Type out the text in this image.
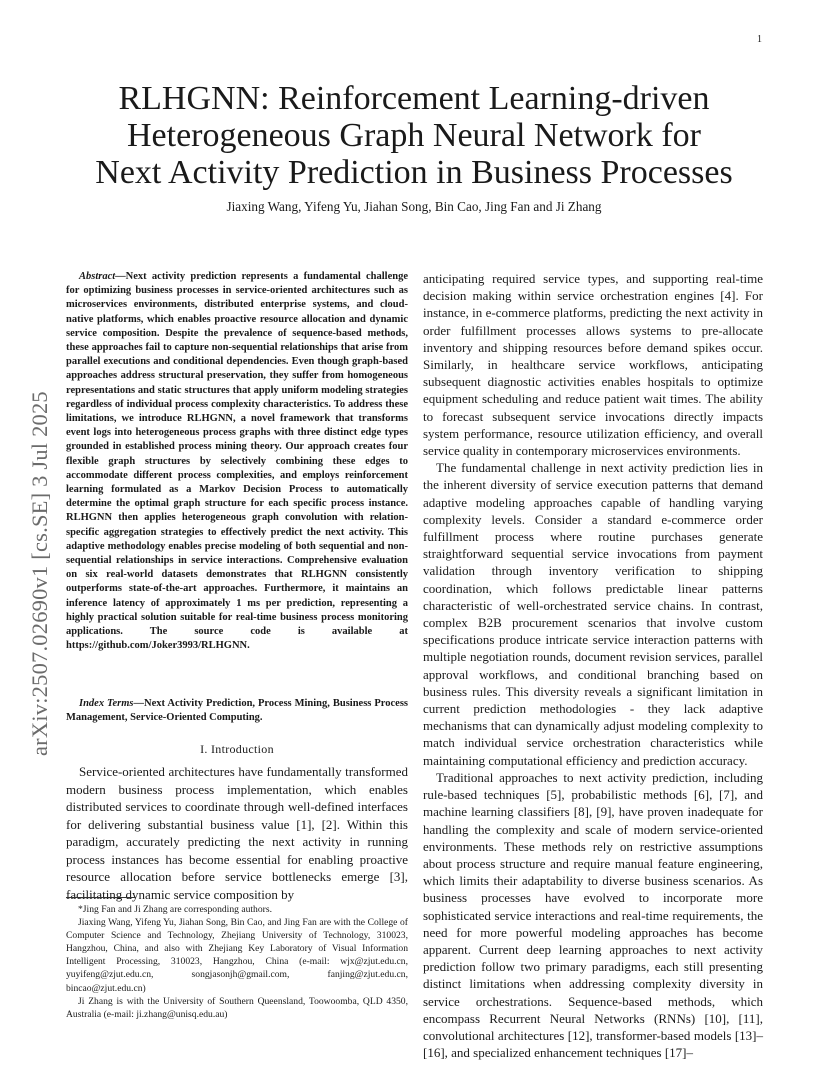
1
arXiv:2507.02690v1 [cs.SE] 3 Jul 2025
RLHGNN: Reinforcement Learning-driven Heterogeneous Graph Neural Network for Next Activity Prediction in Business Processes
Jiaxing Wang, Yifeng Yu, Jiahan Song, Bin Cao, Jing Fan and Ji Zhang
Abstract—Next activity prediction represents a fundamental challenge for optimizing business processes in service-oriented architectures such as microservices environments, distributed enterprise systems, and cloud-native platforms, which enables proactive resource allocation and dynamic service composition. Despite the prevalence of sequence-based methods, these approaches fail to capture non-sequential relationships that arise from parallel executions and conditional dependencies. Even though graph-based approaches address structural preservation, they suffer from homogeneous representations and static structures that apply uniform modeling strategies regardless of individual process complexity characteristics. To address these limitations, we introduce RLHGNN, a novel framework that transforms event logs into heterogeneous process graphs with three distinct edge types grounded in established process mining theory. Our approach creates four flexible graph structures by selectively combining these edges to accommodate different process complexities, and employs reinforcement learning formulated as a Markov Decision Process to automatically determine the optimal graph structure for each specific process instance. RLHGNN then applies heterogeneous graph convolution with relation-specific aggregation strategies to effectively predict the next activity. This adaptive methodology enables precise modeling of both sequential and non-sequential relationships in service interactions. Comprehensive evaluation on six real-world datasets demonstrates that RLHGNN consistently outperforms state-of-the-art approaches. Furthermore, it maintains an inference latency of approximately 1 ms per prediction, representing a highly practical solution suitable for real-time business process monitoring applications. The source code is available at https://github.com/Joker3993/RLHGNN.
Index Terms—Next Activity Prediction, Process Mining, Business Process Management, Service-Oriented Computing.
I. Introduction

Service-oriented architectures have fundamentally transformed modern business process implementation, which enables distributed services to coordinate through well-defined interfaces for delivering substantial business value [1], [2]. Within this paradigm, accurately predicting the next activity in running process instances has become essential for enabling proactive resource allocation before service bottlenecks emerge [3], facilitating dynamic service composition by

*Jing Fan and Ji Zhang are corresponding authors.

Jiaxing Wang, Yifeng Yu, Jiahan Song, Bin Cao, and Jing Fan are with the College of Computer Science and Technology, Zhejiang University of Technology, 310023, Hangzhou, China, and also with Zhejiang Key Laboratory of Visual Information Intelligent Processing, 310023, Hangzhou, China (e-mail: wjx@zjut.edu.cn, yuyifeng@zjut.edu.cn, songjasonjh@gmail.com, fanjing@zjut.edu.cn, bincao@zjut.edu.cn)

Ji Zhang is with the University of Southern Queensland, Toowoomba, QLD 4350, Australia (e-mail: ji.zhang@unisq.edu.au)

anticipating required service types, and supporting real-time decision making within service orchestration engines [4]. For instance, in e-commerce platforms, predicting the next activity in order fulfillment processes allows systems to pre-allocate inventory and shipping resources before demand spikes occur. Similarly, in healthcare service workflows, anticipating subsequent diagnostic activities enables hospitals to optimize equipment scheduling and reduce patient wait times. The ability to forecast subsequent service invocations directly impacts system performance, resource utilization efficiency, and overall service quality in contemporary microservices environments.

The fundamental challenge in next activity prediction lies in the inherent diversity of service execution patterns that demand adaptive modeling approaches capable of handling varying complexity levels. Consider a standard e-commerce order fulfillment process where routine purchases generate straightforward sequential service invocations from payment validation through inventory verification to shipping coordination, which follows predictable linear patterns characteristic of well-orchestrated service chains. In contrast, complex B2B procurement scenarios that involve custom specifications produce intricate service interaction patterns with multiple negotiation rounds, document revision services, parallel approval workflows, and conditional branching based on business rules. This diversity reveals a significant limitation in current prediction methodologies - they lack adaptive mechanisms that can dynamically adjust modeling complexity to match individual service orchestration characteristics while maintaining computational efficiency and prediction accuracy.

Traditional approaches to next activity prediction, including rule-based techniques [5], probabilistic methods [6], [7], and machine learning classifiers [8], [9], have proven inadequate for handling the complexity and scale of modern service-oriented environments. These methods rely on restrictive assumptions about process structure and require manual feature engineering, which limits their adaptability to diverse business scenarios. As business processes have evolved to incorporate more sophisticated service interactions and real-time requirements, the need for more powerful modeling approaches has become apparent. Current deep learning approaches to next activity prediction follow two primary paradigms, each still presenting distinct limitations when addressing complexity diversity in service orchestrations. Sequence-based methods, which encompass Recurrent Neural Networks (RNNs) [10], [11], convolutional architectures [12], transformer-based models [13]–[16], and specialized enhancement techniques [17]–
